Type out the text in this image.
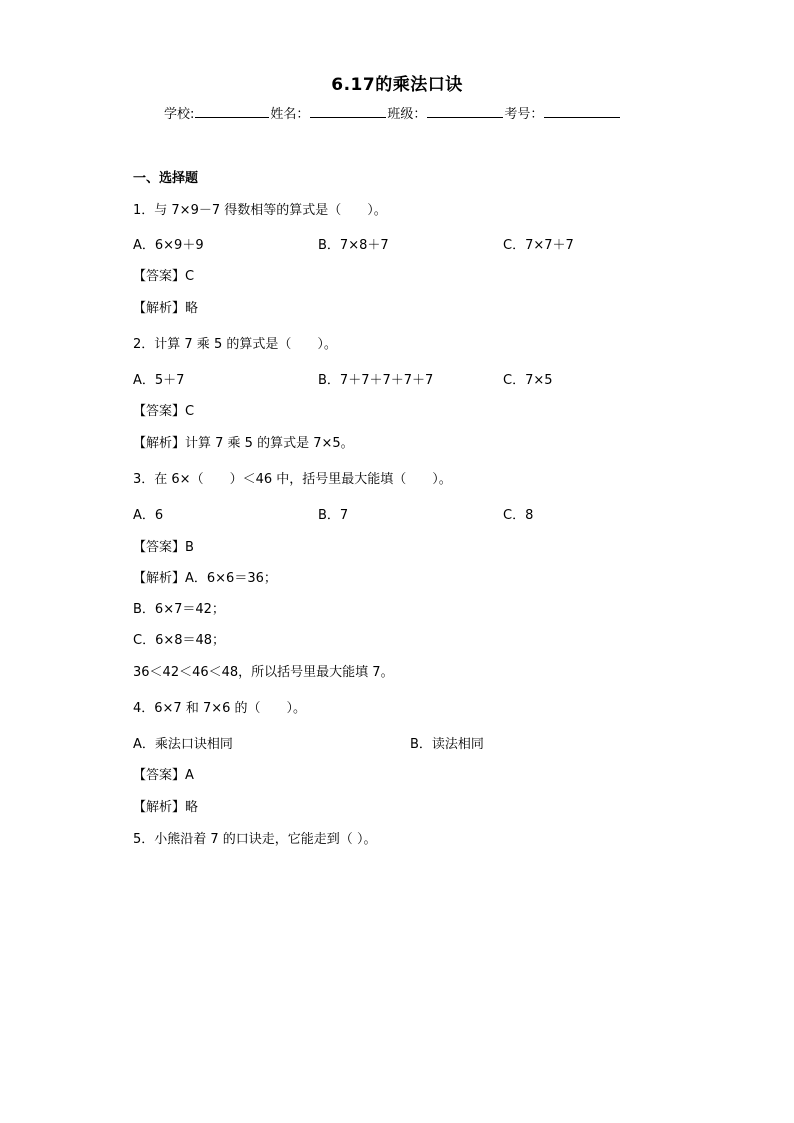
6.17的乘法口诀
学校:	姓名：	班级：	考号：
一、选择题
1．与 7×9－7 得数相等的算式是（　　）。
A．6×9＋9	B．7×8＋7	C．7×7＋7
【答案】C
【解析】略
2．计算 7 乘 5 的算式是（　　）。
A．5＋7	B．7＋7＋7＋7＋7	C．7×5
【答案】C
【解析】计算 7 乘 5 的算式是 7×5。
3．在 6×（　　）＜46 中，括号里最大能填（　　）。
A．6	B．7	C．8
【答案】B
【解析】A．6×6＝36；
B．6×7＝42；
C．6×8＝48；
36＜42＜46＜48，所以括号里最大能填 7。
4．6×7 和 7×6 的（　　）。
A．乘法口诀相同	B．读法相同
【答案】A
【解析】略
5．小熊沿着 7 的口诀走，它能走到（ ）。
